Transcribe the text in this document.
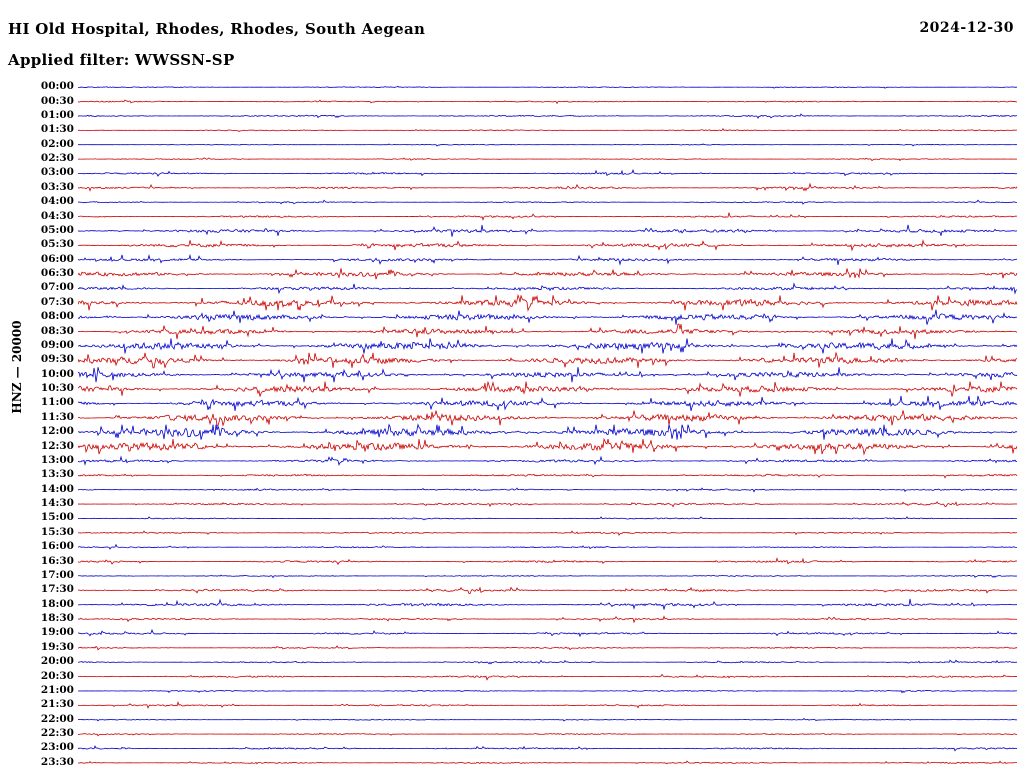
HI Old Hospital, Rhodes, Rhodes, South Aegean	2024-12-30
Applied filter: WWSSN-SP
HNZ — 20000
00:00
00:30
01:00
01:30
02:00
02:30
03:00
03:30
04:00
04:30
05:00
05:30
06:00
06:30
07:00
07:30
08:00
08:30
09:00
09:30
10:00
10:30
11:00
11:30
12:00
12:30
13:00
13:30
14:00
14:30
15:00
15:30
16:00
16:30
17:00
17:30
18:00
18:30
19:00
19:30
20:00
20:30
21:00
21:30
22:00
22:30
23:00
23:30
